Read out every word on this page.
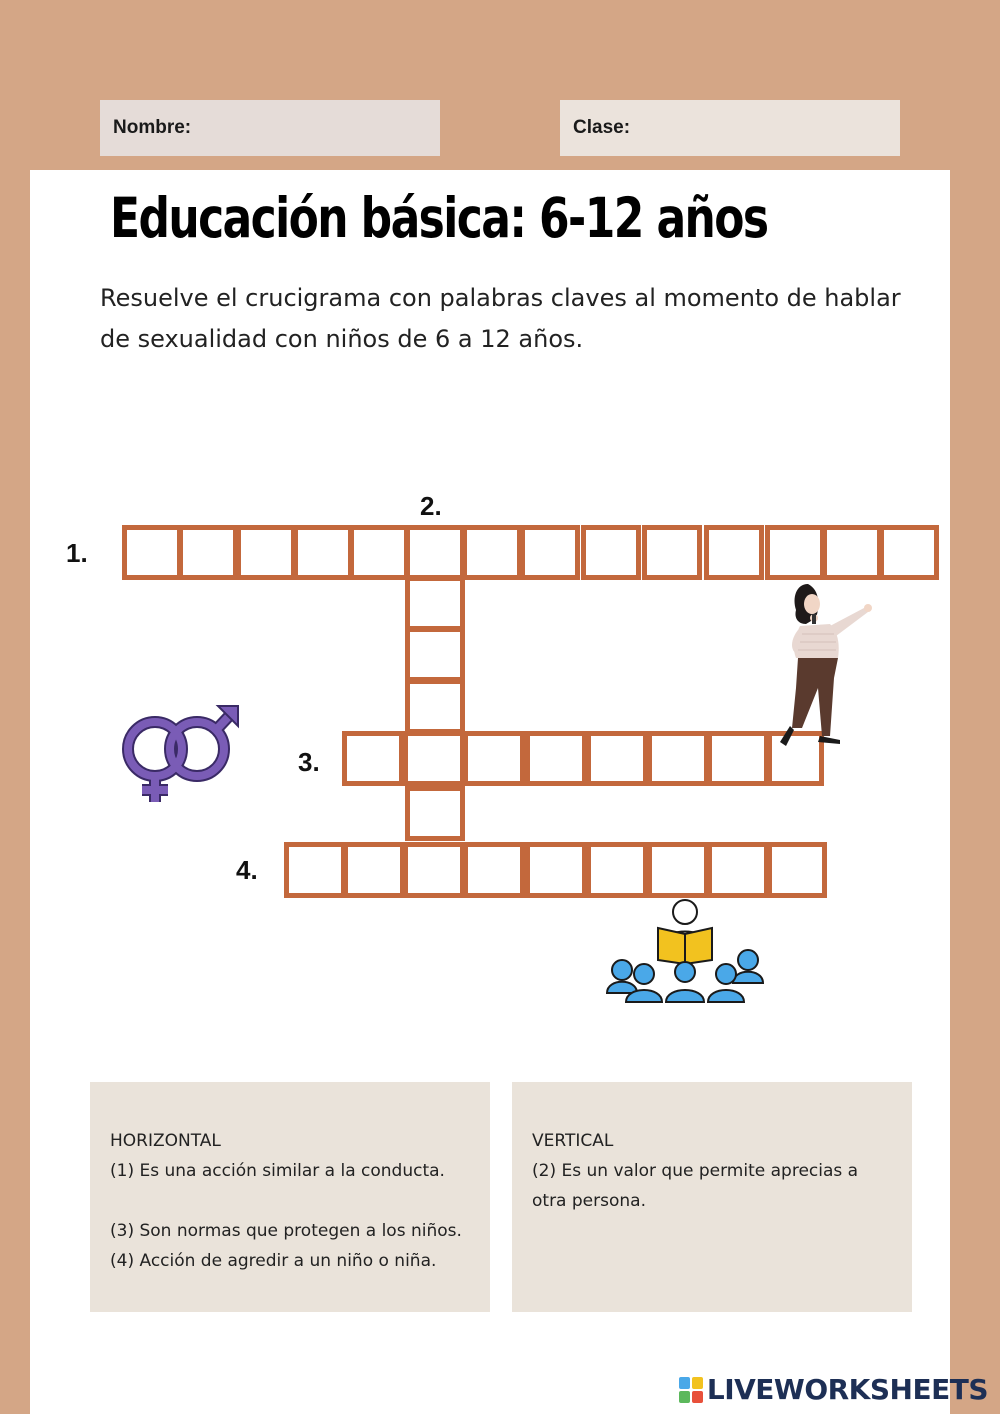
Nombre:	Clase:
Educación básica: 6-12 años

Resuelve el crucigrama con palabras claves al momento de hablar de sexualidad con niños de 6 a 12 años.

1.
2.
3.
4.
HORIZONTAL
(1) Es una acción similar a la conducta.
(3) Son normas que protegen a los niños.
(4) Acción de agredir a un niño o niña.
VERTICAL
(2) Es un valor que permite aprecias a otra persona.
LIVEWORKSHEETS
